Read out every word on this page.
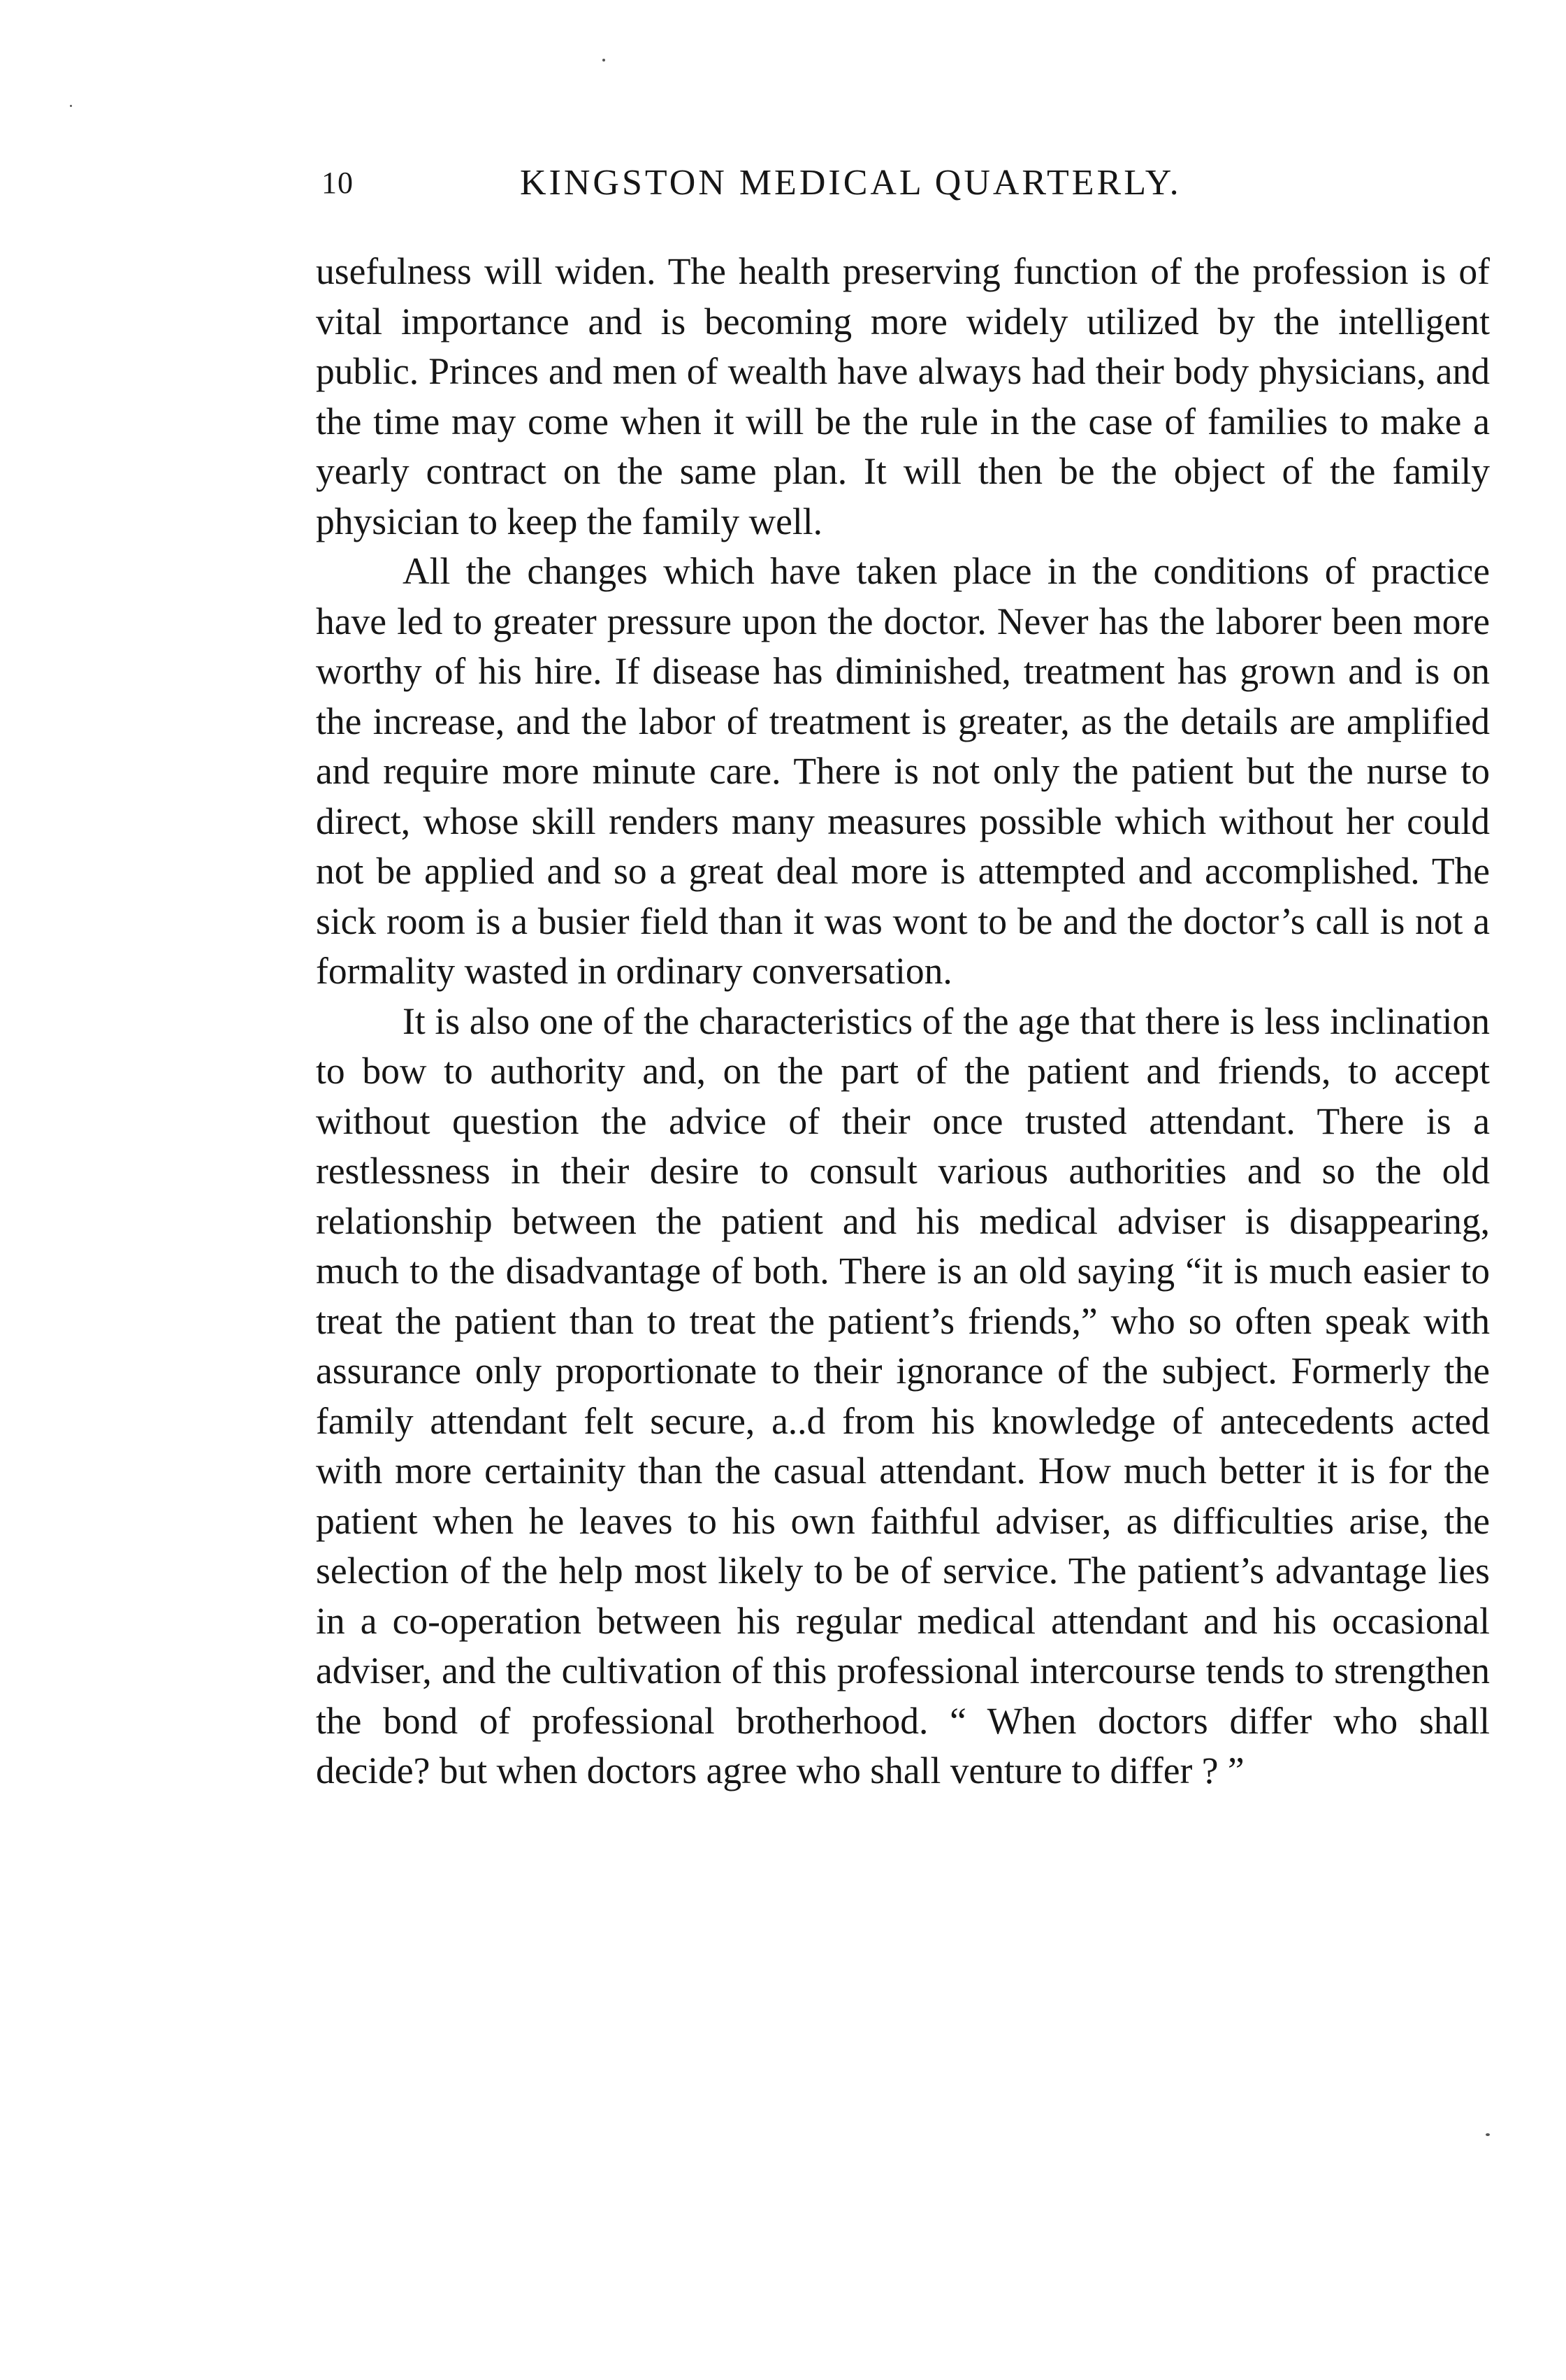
10	KINGSTON MEDICAL QUARTERLY.

usefulness will widen. The health preserving function of the profession is of vital importance and is becoming more widely utilized by the intelligent public. Princes and men of wealth have always had their body physicians, and the time may come when it will be the rule in the case of families to make a yearly contract on the same plan. It will then be the object of the family physician to keep the family well.

All the changes which have taken place in the conditions of practice have led to greater pressure upon the doctor. Never has the laborer been more worthy of his hire. If disease has diminished, treatment has grown and is on the increase, and the labor of treatment is greater, as the details are amplified and require more minute care. There is not only the patient but the nurse to direct, whose skill renders many measures possible which without her could not be applied and so a great deal more is attempted and accomplished. The sick room is a busier field than it was wont to be and the doctor’s call is not a formality wasted in ordinary conversation.

It is also one of the characteristics of the age that there is less inclination to bow to authority and, on the part of the patient and friends, to accept without question the advice of their once trusted attendant. There is a restlessness in their desire to consult various authorities and so the old relationship between the patient and his medical adviser is disappearing, much to the disadvantage of both. There is an old saying “it is much easier to treat the patient than to treat the patient’s friends,” who so often speak with assurance only proportionate to their ignorance of the subject. Formerly the family attendant felt secure, a..d from his knowledge of antecedents acted with more certainity than the casual attendant. How much better it is for the patient when he leaves to his own faithful adviser, as difficulties arise, the selection of the help most likely to be of service. The patient’s advantage lies in a co-operation between his regular medical attendant and his occasional adviser, and the cultivation of this professional intercourse tends to strengthen the bond of professional brotherhood. “ When doctors differ who shall decide? but when doctors agree who shall venture to differ ? ”
